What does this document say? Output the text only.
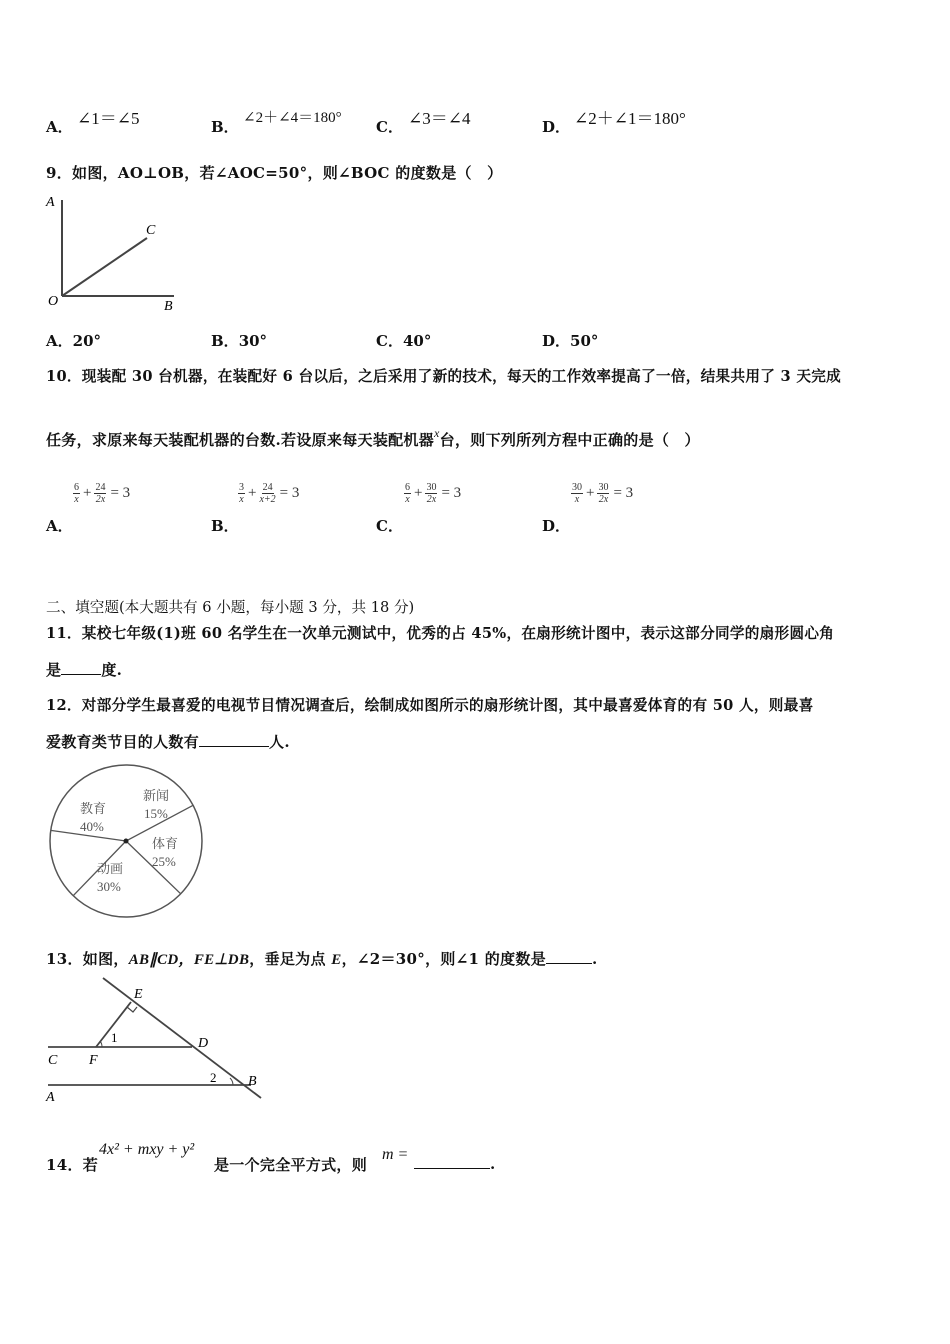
A． ∠1＝∠5	B． ∠2＋∠4＝180° C． ∠3＝∠4	D． ∠2＋∠1＝180°
9．如图，AO⊥OB，若∠AOC=50°，则∠BOC 的度数是（　）
A
C
O	B
A．20°	B．30°	C．40°	D．50°
10．现装配 30 台机器，在装配好 6 台以后，之后采用了新的技术，每天的工作效率提高了一倍，结果共用了 3 天完成
任务，求原来每天装配机器的台数.若设原来每天装配机器$^x$台，则下列所列方程中正确的是（　）
A．
$\frac{6}{x} + \frac{24}{2x} = 3$
B．
$\frac{3}{x} + \frac{24}{x+2} = 3$
C．
$\frac{6}{x} + \frac{30}{2x} = 3$
D．
$\frac{30}{x} + \frac{30}{2x} = 3$
二、填空题(本大题共有 6 小题，每小题 3 分，共 18 分)
11．某校七年级(1)班 60 名学生在一次单元测试中，优秀的占 45%，在扇形统计图中，表示这部分同学的扇形圆心角
是	度.
12．对部分学生最喜爱的电视节目情况调查后，绘制成如图所示的扇形统计图，其中最喜爱体育的有 50 人，则最喜
爱教育类节目的人数有	人.
教育
40%
新闻
15%
体育
25%
动画
30%
13．如图，AB∥CD，FE⊥DB，垂足为点 E，∠2＝30°，则∠1 的度数是	.
E
1	D
C F
2 B
A
14．若
4x² + mxy + y²
是一个完全平方式，则
m =
.
